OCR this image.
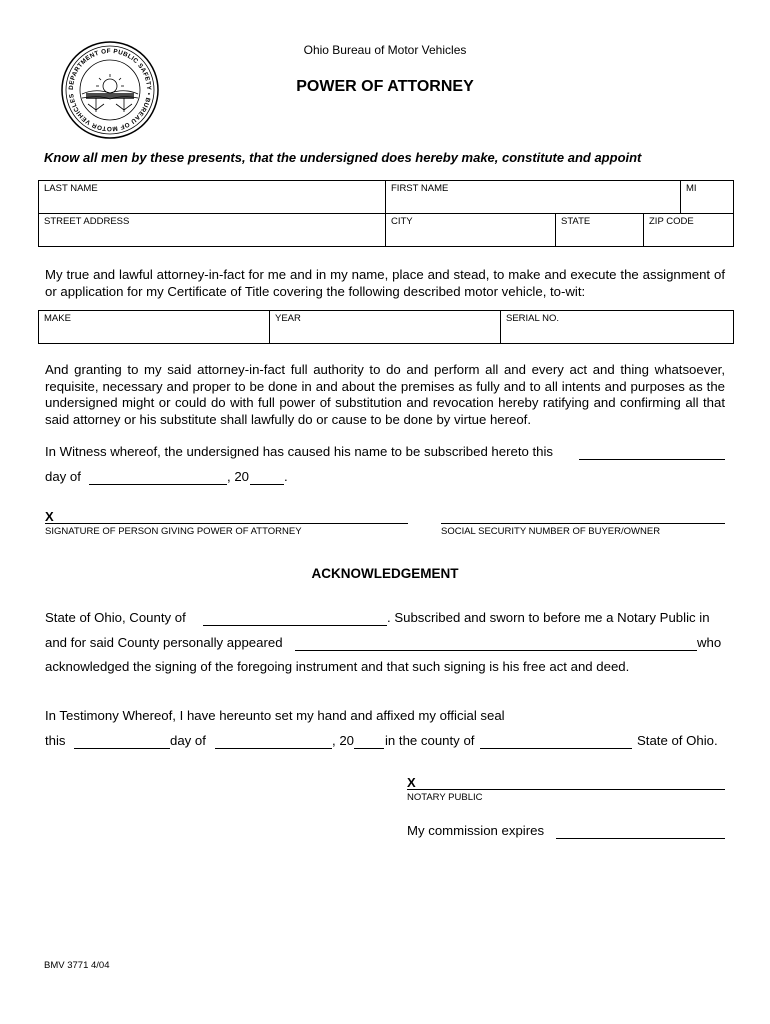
DEPARTMENT OF PUBLIC SAFETY • BUREAU OF MOTOR VEHICLES
Ohio Bureau of Motor Vehicles
POWER OF ATTORNEY
Know all men by these presents, that the undersigned does hereby make, constitute and appoint
LAST NAME	FIRST NAME			MI
STREET ADDRESS	CITY	STATE	ZIP CODE	
My true and lawful attorney-in-fact for me and in my name, place and stead, to make and execute the assignment of or application for my Certificate of Title covering the following described motor vehicle, to-wit:
MAKE	YEAR	SERIAL NO.
And granting to my said attorney-in-fact full authority to do and perform all and every act and thing whatsoever, requisite, necessary and proper to be done in and about the premises as fully and to all intents and purposes as the undersigned might or could do with full power of substitution and revocation hereby ratifying and confirming all that said attorney or his substitute shall lawfully do or cause to be done by virtue hereof.
In Witness whereof, the undersigned has caused his name to be subscribed hereto this
day of	, 20	.
X
SIGNATURE OF PERSON GIVING POWER OF ATTORNEY	SOCIAL SECURITY NUMBER OF BUYER/OWNER
ACKNOWLEDGEMENT
State of Ohio, County of	. Subscribed and sworn to before me a Notary Public in
and for said County personally appeared	who
acknowledged the signing of the foregoing instrument and that such signing is his free act and deed.
In Testimony Whereof, I have hereunto set my hand and affixed my official seal
this	day of	, 20 in the county of	State of Ohio.
X
NOTARY PUBLIC
My commission expires
BMV 3771 4/04
